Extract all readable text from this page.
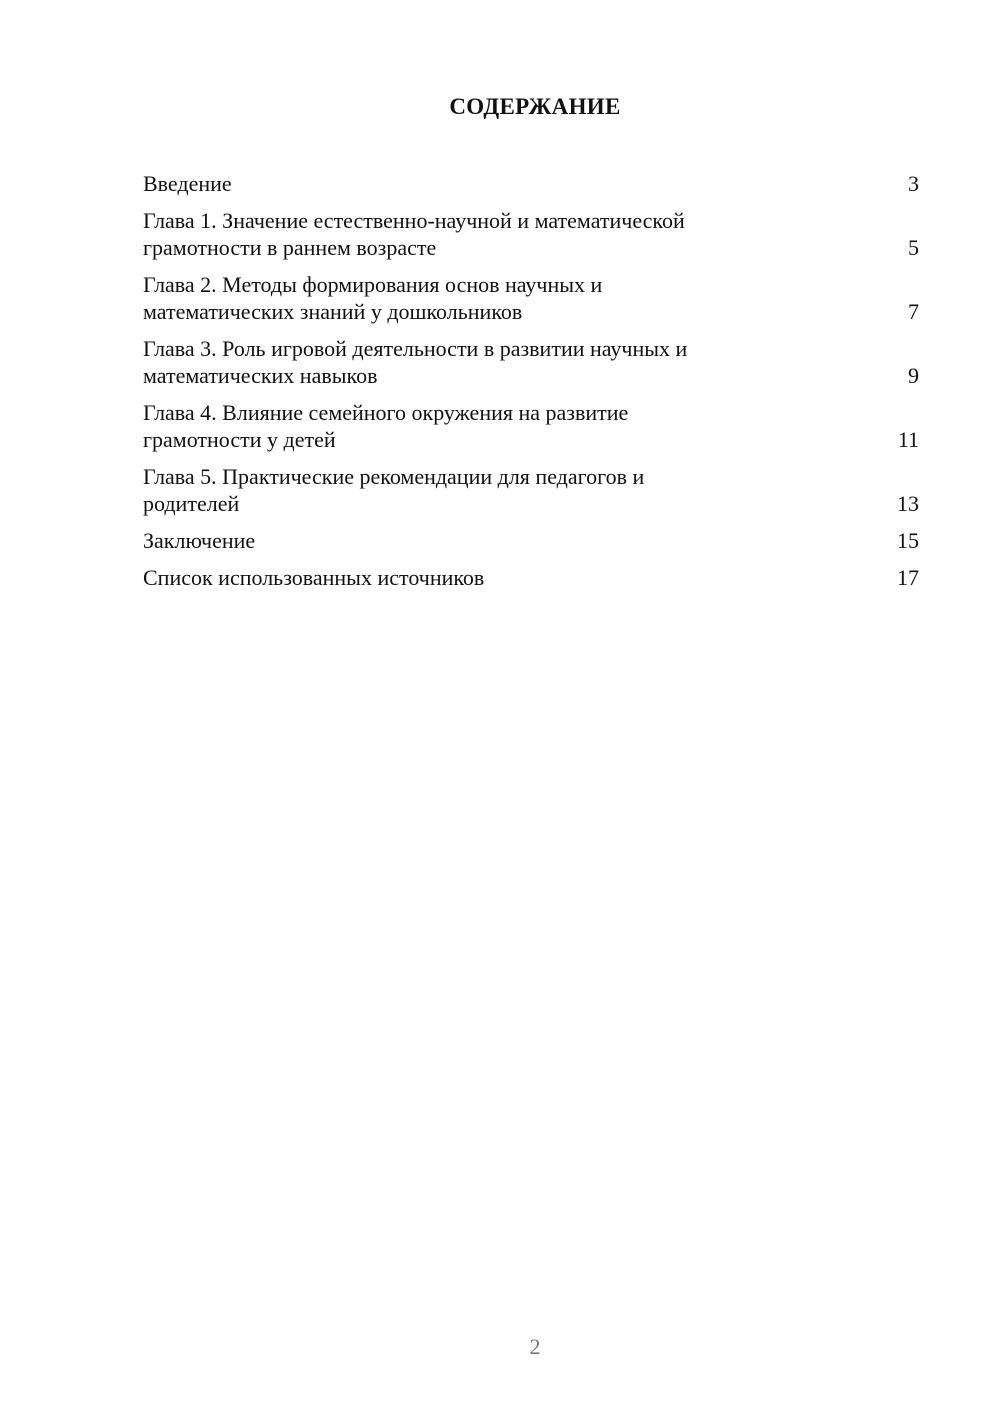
СОДЕРЖАНИЕ
Введение	3
Глава 1. Значение естественно-научной и математической
грамотности в раннем возрасте	5
Глава 2. Методы формирования основ научных и
математических знаний у дошкольников	7
Глава 3. Роль игровой деятельности в развитии научных и
математических навыков	9
Глава 4. Влияние семейного окружения на развитие
грамотности у детей	11
Глава 5. Практические рекомендации для педагогов и
родителей	13
Заключение	15
Список использованных источников	17
2
